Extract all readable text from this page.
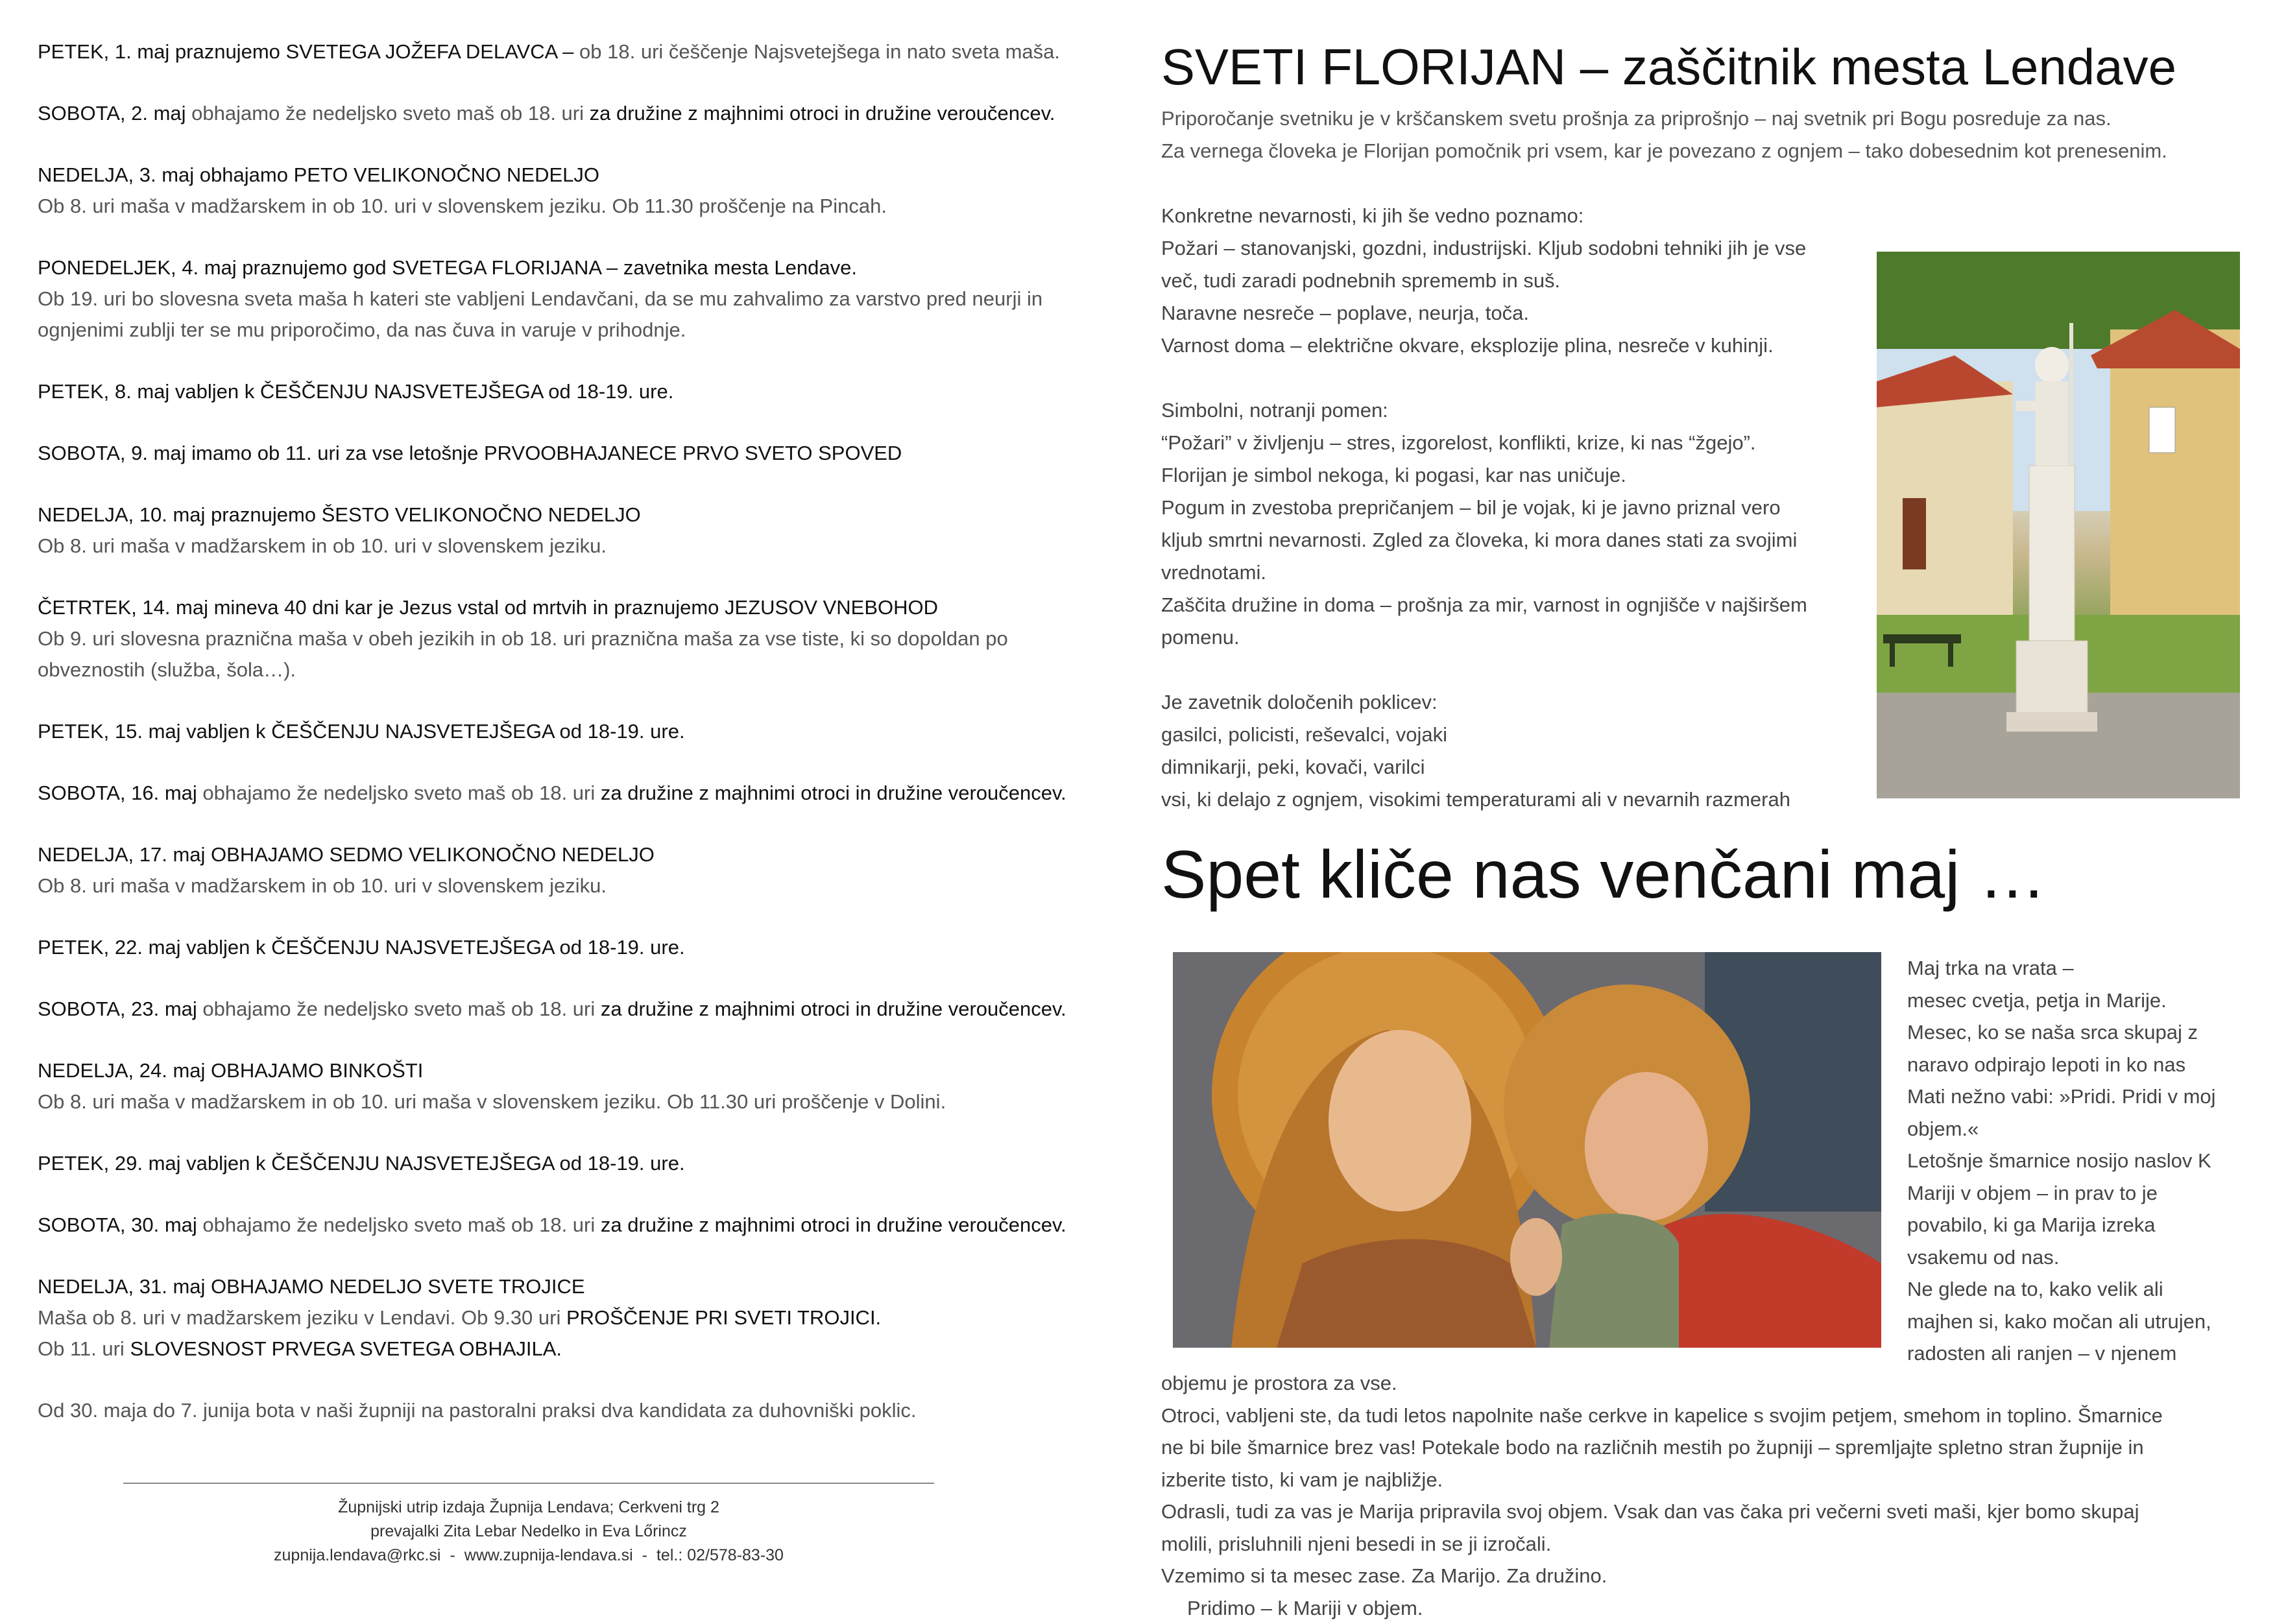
PETEK, 1. maj praznujemo SVETEGA JOŽEFA DELAVCA – ob 18. uri češčenje Najsvetejšega in nato sveta maša.
SOBOTA, 2. maj obhajamo že nedeljsko sveto maš ob 18. uri za družine z majhnimi otroci in družine veroučencev.
NEDELJA, 3. maj obhajamo PETO VELIKONOČNO NEDELJO
Ob 8. uri maša v madžarskem in ob 10. uri v slovenskem jeziku. Ob 11.30 proščenje na Pincah.
PONEDELJEK, 4. maj praznujemo god SVETEGA FLORIJANA – zavetnika mesta Lendave.
Ob 19. uri bo slovesna sveta maša h kateri ste vabljeni Lendavčani, da se mu zahvalimo za varstvo pred neurji in
ognjenimi zublji ter se mu priporočimo, da nas čuva in varuje v prihodnje.
PETEK, 8. maj vabljen k ČEŠČENJU NAJSVETEJŠEGA od 18-19. ure.
SOBOTA, 9. maj imamo ob 11. uri za vse letošnje PRVOOBHAJANECE PRVO SVETO SPOVED
NEDELJA, 10. maj praznujemo ŠESTO VELIKONOČNO NEDELJO
Ob 8. uri maša v madžarskem in ob 10. uri v slovenskem jeziku.
ČETRTEK, 14. maj mineva 40 dni kar je Jezus vstal od mrtvih in praznujemo JEZUSOV VNEBOHOD
Ob 9. uri slovesna praznična maša v obeh jezikih in ob 18. uri praznična maša za vse tiste, ki so dopoldan po
obveznostih (služba, šola…).
PETEK, 15. maj vabljen k ČEŠČENJU NAJSVETEJŠEGA od 18-19. ure.
SOBOTA, 16. maj obhajamo že nedeljsko sveto maš ob 18. uri za družine z majhnimi otroci in družine veroučencev.
NEDELJA, 17. maj OBHAJAMO SEDMO VELIKONOČNO NEDELJO
Ob 8. uri maša v madžarskem in ob 10. uri v slovenskem jeziku.
PETEK, 22. maj vabljen k ČEŠČENJU NAJSVETEJŠEGA od 18-19. ure.
SOBOTA, 23. maj obhajamo že nedeljsko sveto maš ob 18. uri za družine z majhnimi otroci in družine veroučencev.
NEDELJA, 24. maj OBHAJAMO BINKOŠTI
Ob 8. uri maša v madžarskem in ob 10. uri maša v slovenskem jeziku. Ob 11.30 uri proščenje v Dolini.
PETEK, 29. maj vabljen k ČEŠČENJU NAJSVETEJŠEGA od 18-19. ure.
SOBOTA, 30. maj obhajamo že nedeljsko sveto maš ob 18. uri za družine z majhnimi otroci in družine veroučencev.
NEDELJA, 31. maj OBHAJAMO NEDELJO SVETE TROJICE
Maša ob 8. uri v madžarskem jeziku v Lendavi. Ob 9.30 uri PROŠČENJE PRI SVETI TROJICI.
Ob 11. uri SLOVESNOST PRVEGA SVETEGA OBHAJILA.
Od 30. maja do 7. junija bota v naši župniji na pastoralni praksi dva kandidata za duhovniški poklic.
Župnijski utrip izdaja Župnija Lendava; Cerkveni trg 2
prevajalki Zita Lebar Nedelko in Eva Lőrincz
zupnija.lendava@rkc.si - www.zupnija-lendava.si - tel.: 02/578-83-30
SVETI FLORIJAN – zaščitnik mesta Lendave
Priporočanje svetniku je v krščanskem svetu prošnja za priprošnjo – naj svetnik pri Bogu posreduje za nas.
Za vernega človeka je Florijan pomočnik pri vsem, kar je povezano z ognjem – tako dobesednim kot prenesenim.
Konkretne nevarnosti, ki jih še vedno poznamo:
Požari – stanovanjski, gozdni, industrijski. Kljub sodobni tehniki jih je vse
več, tudi zaradi podnebnih sprememb in suš.
Naravne nesreče – poplave, neurja, toča.
Varnost doma – električne okvare, eksplozije plina, nesreče v kuhinji.
Simbolni, notranji pomen:
“Požari” v življenju – stres, izgorelost, konflikti, krize, ki nas “žgejo”.
Florijan je simbol nekoga, ki pogasi, kar nas uničuje.
Pogum in zvestoba prepričanjem – bil je vojak, ki je javno priznal vero
kljub smrtni nevarnosti. Zgled za človeka, ki mora danes stati za svojimi
vrednotami.
Zaščita družine in doma – prošnja za mir, varnost in ognjišče v najširšem
pomenu.
Je zavetnik določenih poklicev:
gasilci, policisti, reševalci, vojaki
dimnikarji, peki, kovači, varilci
vsi, ki delajo z ognjem, visokimi temperaturami ali v nevarnih razmerah
Spet kliče nas venčani maj …
Maj trka na vrata –
mesec cvetja, petja in Marije.
Mesec, ko se naša srca skupaj z
naravo odpirajo lepoti in ko nas
Mati nežno vabi: »Pridi. Pridi v moj
objem.«
Letošnje šmarnice nosijo naslov K
Mariji v objem – in prav to je
povabilo, ki ga Marija izreka
vsakemu od nas.
Ne glede na to, kako velik ali
majhen si, kako močan ali utrujen,
radosten ali ranjen – v njenem
objemu je prostora za vse.
Otroci, vabljeni ste, da tudi letos napolnite naše cerkve in kapelice s svojim petjem, smehom in toplino. Šmarnice
ne bi bile šmarnice brez vas! Potekale bodo na različnih mestih po župniji – spremljajte spletno stran župnije in
izberite tisto, ki vam je najbližje.
Odrasli, tudi za vas je Marija pripravila svoj objem. Vsak dan vas čaka pri večerni sveti maši, kjer bomo skupaj
molili, prisluhnili njeni besedi in se ji izročali.
Vzemimo si ta mesec zase. Za Marijo. Za družino.
Pridimo – k Mariji v objem.
